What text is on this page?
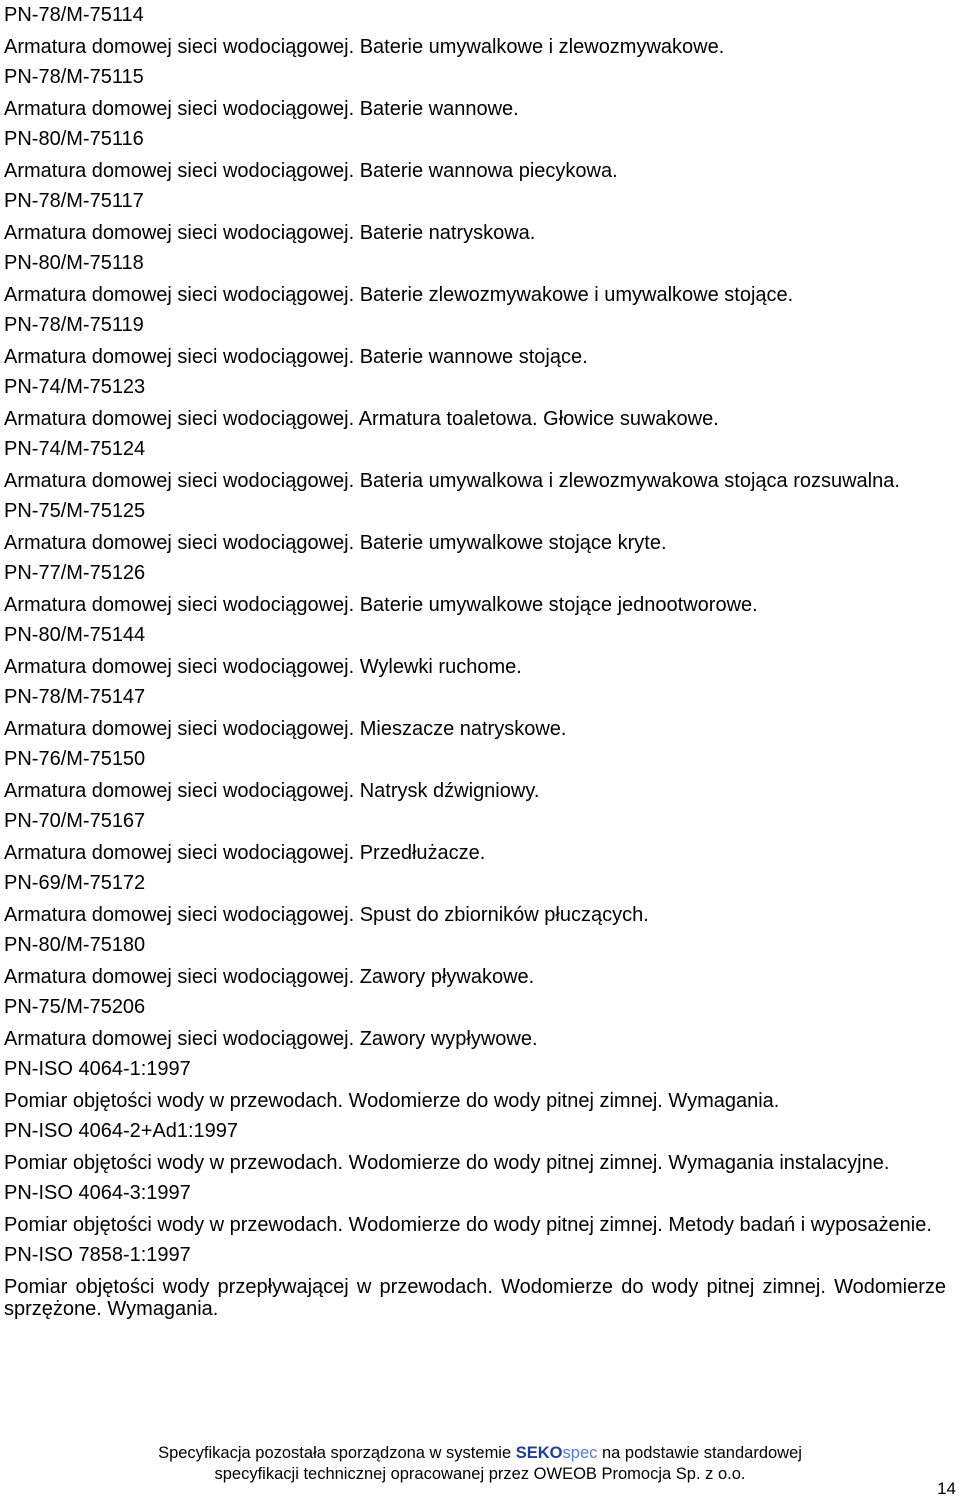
PN-78/M-75114
Armatura domowej sieci wodociągowej. Baterie umywalkowe i zlewozmywakowe.
PN-78/M-75115
Armatura domowej sieci wodociągowej. Baterie wannowe.
PN-80/M-75116
Armatura domowej sieci wodociągowej. Baterie wannowa piecykowa.
PN-78/M-75117
Armatura domowej sieci wodociągowej. Baterie natryskowa.
PN-80/M-75118
Armatura domowej sieci wodociągowej. Baterie zlewozmywakowe i umywalkowe stojące.
PN-78/M-75119
Armatura domowej sieci wodociągowej. Baterie wannowe stojące.
PN-74/M-75123
Armatura domowej sieci wodociągowej. Armatura toaletowa. Głowice suwakowe.
PN-74/M-75124
Armatura domowej sieci wodociągowej. Bateria umywalkowa i zlewozmywakowa stojąca rozsuwalna.
PN-75/M-75125
Armatura domowej sieci wodociągowej. Baterie umywalkowe stojące kryte.
PN-77/M-75126
Armatura domowej sieci wodociągowej. Baterie umywalkowe stojące jednootworowe.
PN-80/M-75144
Armatura domowej sieci wodociągowej. Wylewki ruchome.
PN-78/M-75147
Armatura domowej sieci wodociągowej. Mieszacze natryskowe.
PN-76/M-75150
Armatura domowej sieci wodociągowej. Natrysk dźwigniowy.
PN-70/M-75167
Armatura domowej sieci wodociągowej. Przedłużacze.
PN-69/M-75172
Armatura domowej sieci wodociągowej. Spust do zbiorników płuczących.
PN-80/M-75180
Armatura domowej sieci wodociągowej. Zawory pływakowe.
PN-75/M-75206
Armatura domowej sieci wodociągowej. Zawory wypływowe.
PN-ISO 4064-1:1997
Pomiar objętości wody w przewodach. Wodomierze do wody pitnej zimnej. Wymagania.
PN-ISO 4064-2+Ad1:1997
Pomiar objętości wody w przewodach. Wodomierze do wody pitnej zimnej. Wymagania instalacyjne.
PN-ISO 4064-3:1997
Pomiar objętości wody w przewodach. Wodomierze do wody pitnej zimnej. Metody badań i wyposażenie.
PN-ISO 7858-1:1997
Pomiar objętości wody przepływającej w przewodach. Wodomierze do wody pitnej zimnej. Wodomierze sprzężone. Wymagania.
Specyfikacja pozostała sporządzona w systemie SEKOspec na podstawie standardowej
specyfikacji technicznej opracowanej przez OWEOB Promocja Sp. z o.o.
14
